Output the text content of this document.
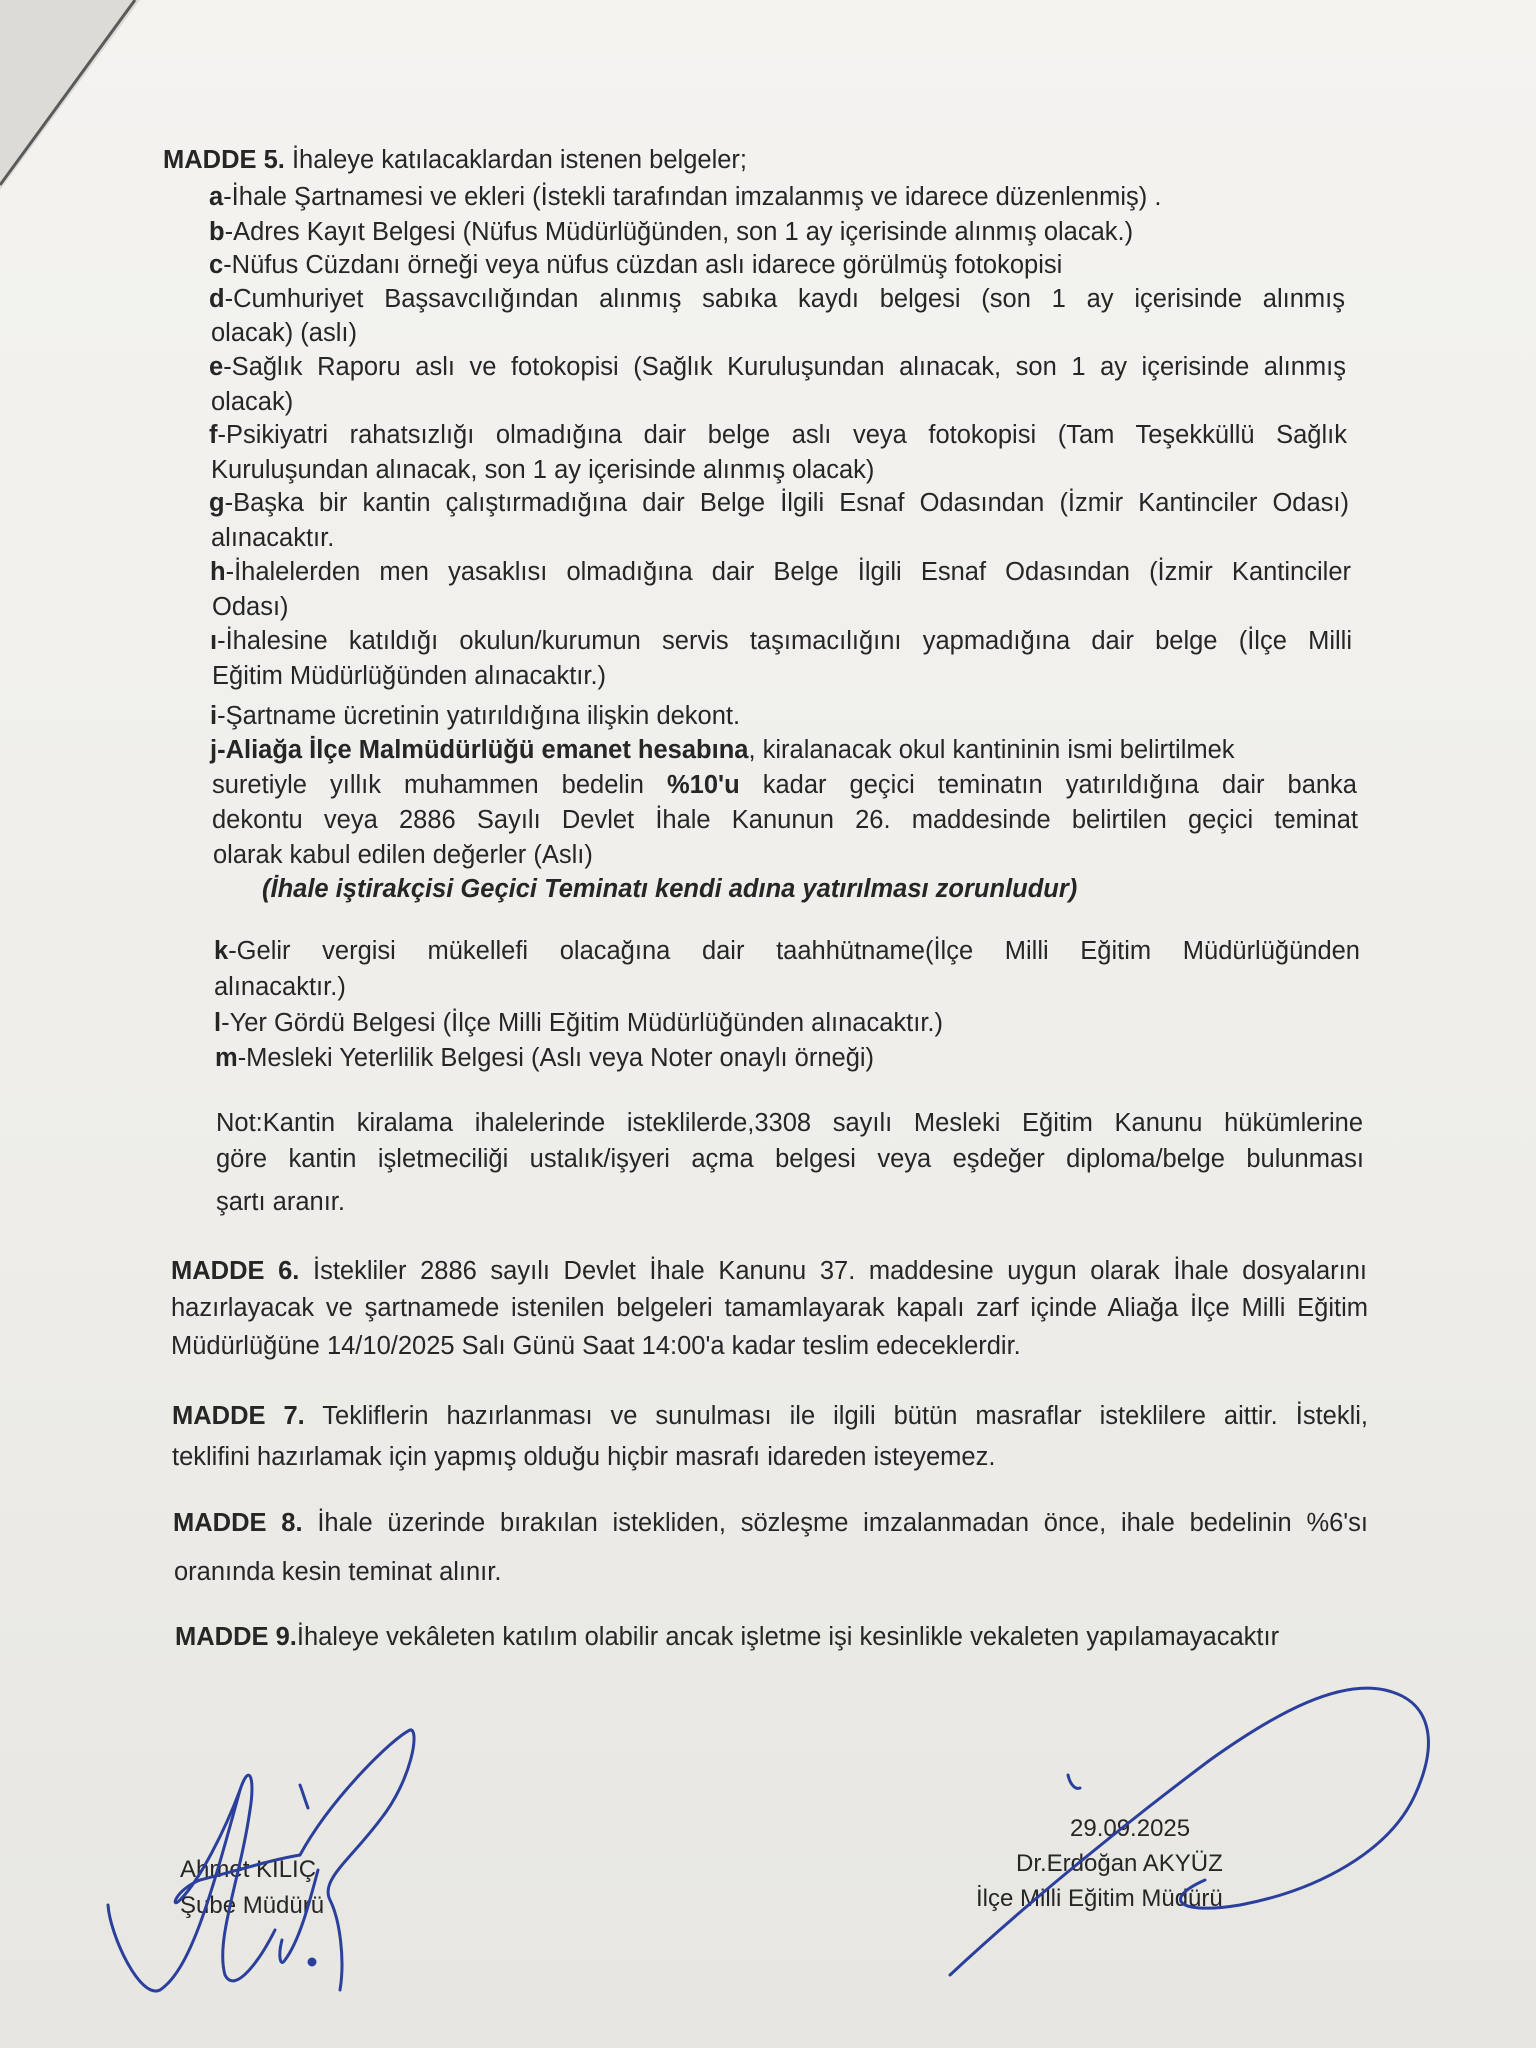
MADDE 5. İhaleye katılacaklardan istenen belgeler;
a-İhale Şartnamesi ve ekleri (İstekli tarafından imzalanmış ve idarece düzenlenmiş) .
b-Adres Kayıt Belgesi (Nüfus Müdürlüğünden, son 1 ay içerisinde alınmış olacak.)
c-Nüfus Cüzdanı örneği veya nüfus cüzdan aslı idarece görülmüş fotokopisi
d-Cumhuriyet Başsavcılığından alınmış sabıka kaydı belgesi (son 1 ay içerisinde alınmış
olacak) (aslı)
e-Sağlık Raporu aslı ve fotokopisi (Sağlık Kuruluşundan alınacak, son 1 ay içerisinde alınmış
olacak)
f-Psikiyatri rahatsızlığı olmadığına dair belge aslı veya fotokopisi (Tam Teşekküllü Sağlık
Kuruluşundan alınacak, son 1 ay içerisinde alınmış olacak)
g-Başka bir kantin çalıştırmadığına dair Belge İlgili Esnaf Odasından (İzmir Kantinciler Odası)
alınacaktır.
h-İhalelerden men yasaklısı olmadığına dair Belge İlgili Esnaf Odasından (İzmir Kantinciler
Odası)
ı-İhalesine katıldığı okulun/kurumun servis taşımacılığını yapmadığına dair belge (İlçe Milli
Eğitim Müdürlüğünden alınacaktır.)
i-Şartname ücretinin yatırıldığına ilişkin dekont.
j-Aliağa İlçe Malmüdürlüğü emanet hesabına, kiralanacak okul kantininin ismi belirtilmek
suretiyle yıllık muhammen bedelin %10'u kadar geçici teminatın yatırıldığına dair banka
dekontu veya 2886 Sayılı Devlet İhale Kanunun 26. maddesinde belirtilen geçici teminat
olarak kabul edilen değerler (Aslı)
(İhale iştirakçisi Geçici Teminatı kendi adına yatırılması zorunludur)
k-Gelir vergisi mükellefi olacağına dair taahhütname(İlçe Milli Eğitim Müdürlüğünden
alınacaktır.)
l-Yer Gördü Belgesi (İlçe Milli Eğitim Müdürlüğünden alınacaktır.)
m-Mesleki Yeterlilik Belgesi (Aslı veya Noter onaylı örneği)
Not:Kantin kiralama ihalelerinde isteklilerde,3308 sayılı Mesleki Eğitim Kanunu hükümlerine
göre kantin işletmeciliği ustalık/işyeri açma belgesi veya eşdeğer diploma/belge bulunması
şartı aranır.
MADDE 6. İstekliler 2886 sayılı Devlet İhale Kanunu 37. maddesine uygun olarak İhale dosyalarını
hazırlayacak ve şartnamede istenilen belgeleri tamamlayarak kapalı zarf içinde Aliağa İlçe Milli Eğitim
Müdürlüğüne 14/10/2025 Salı Günü Saat 14:00'a kadar teslim edeceklerdir.
MADDE 7. Tekliflerin hazırlanması ve sunulması ile ilgili bütün masraflar isteklilere aittir. İstekli,
teklifini hazırlamak için yapmış olduğu hiçbir masrafı idareden isteyemez.
MADDE 8. İhale üzerinde bırakılan istekliden, sözleşme imzalanmadan önce, ihale bedelinin %6'sı
oranında kesin teminat alınır.
MADDE 9.İhaleye vekâleten katılım olabilir ancak işletme işi kesinlikle vekaleten yapılamayacaktır
Ahmet KILIÇ
Şube Müdürü
29.09.2025
Dr.Erdoğan AKYÜZ
İlçe Milli Eğitim Müdürü
